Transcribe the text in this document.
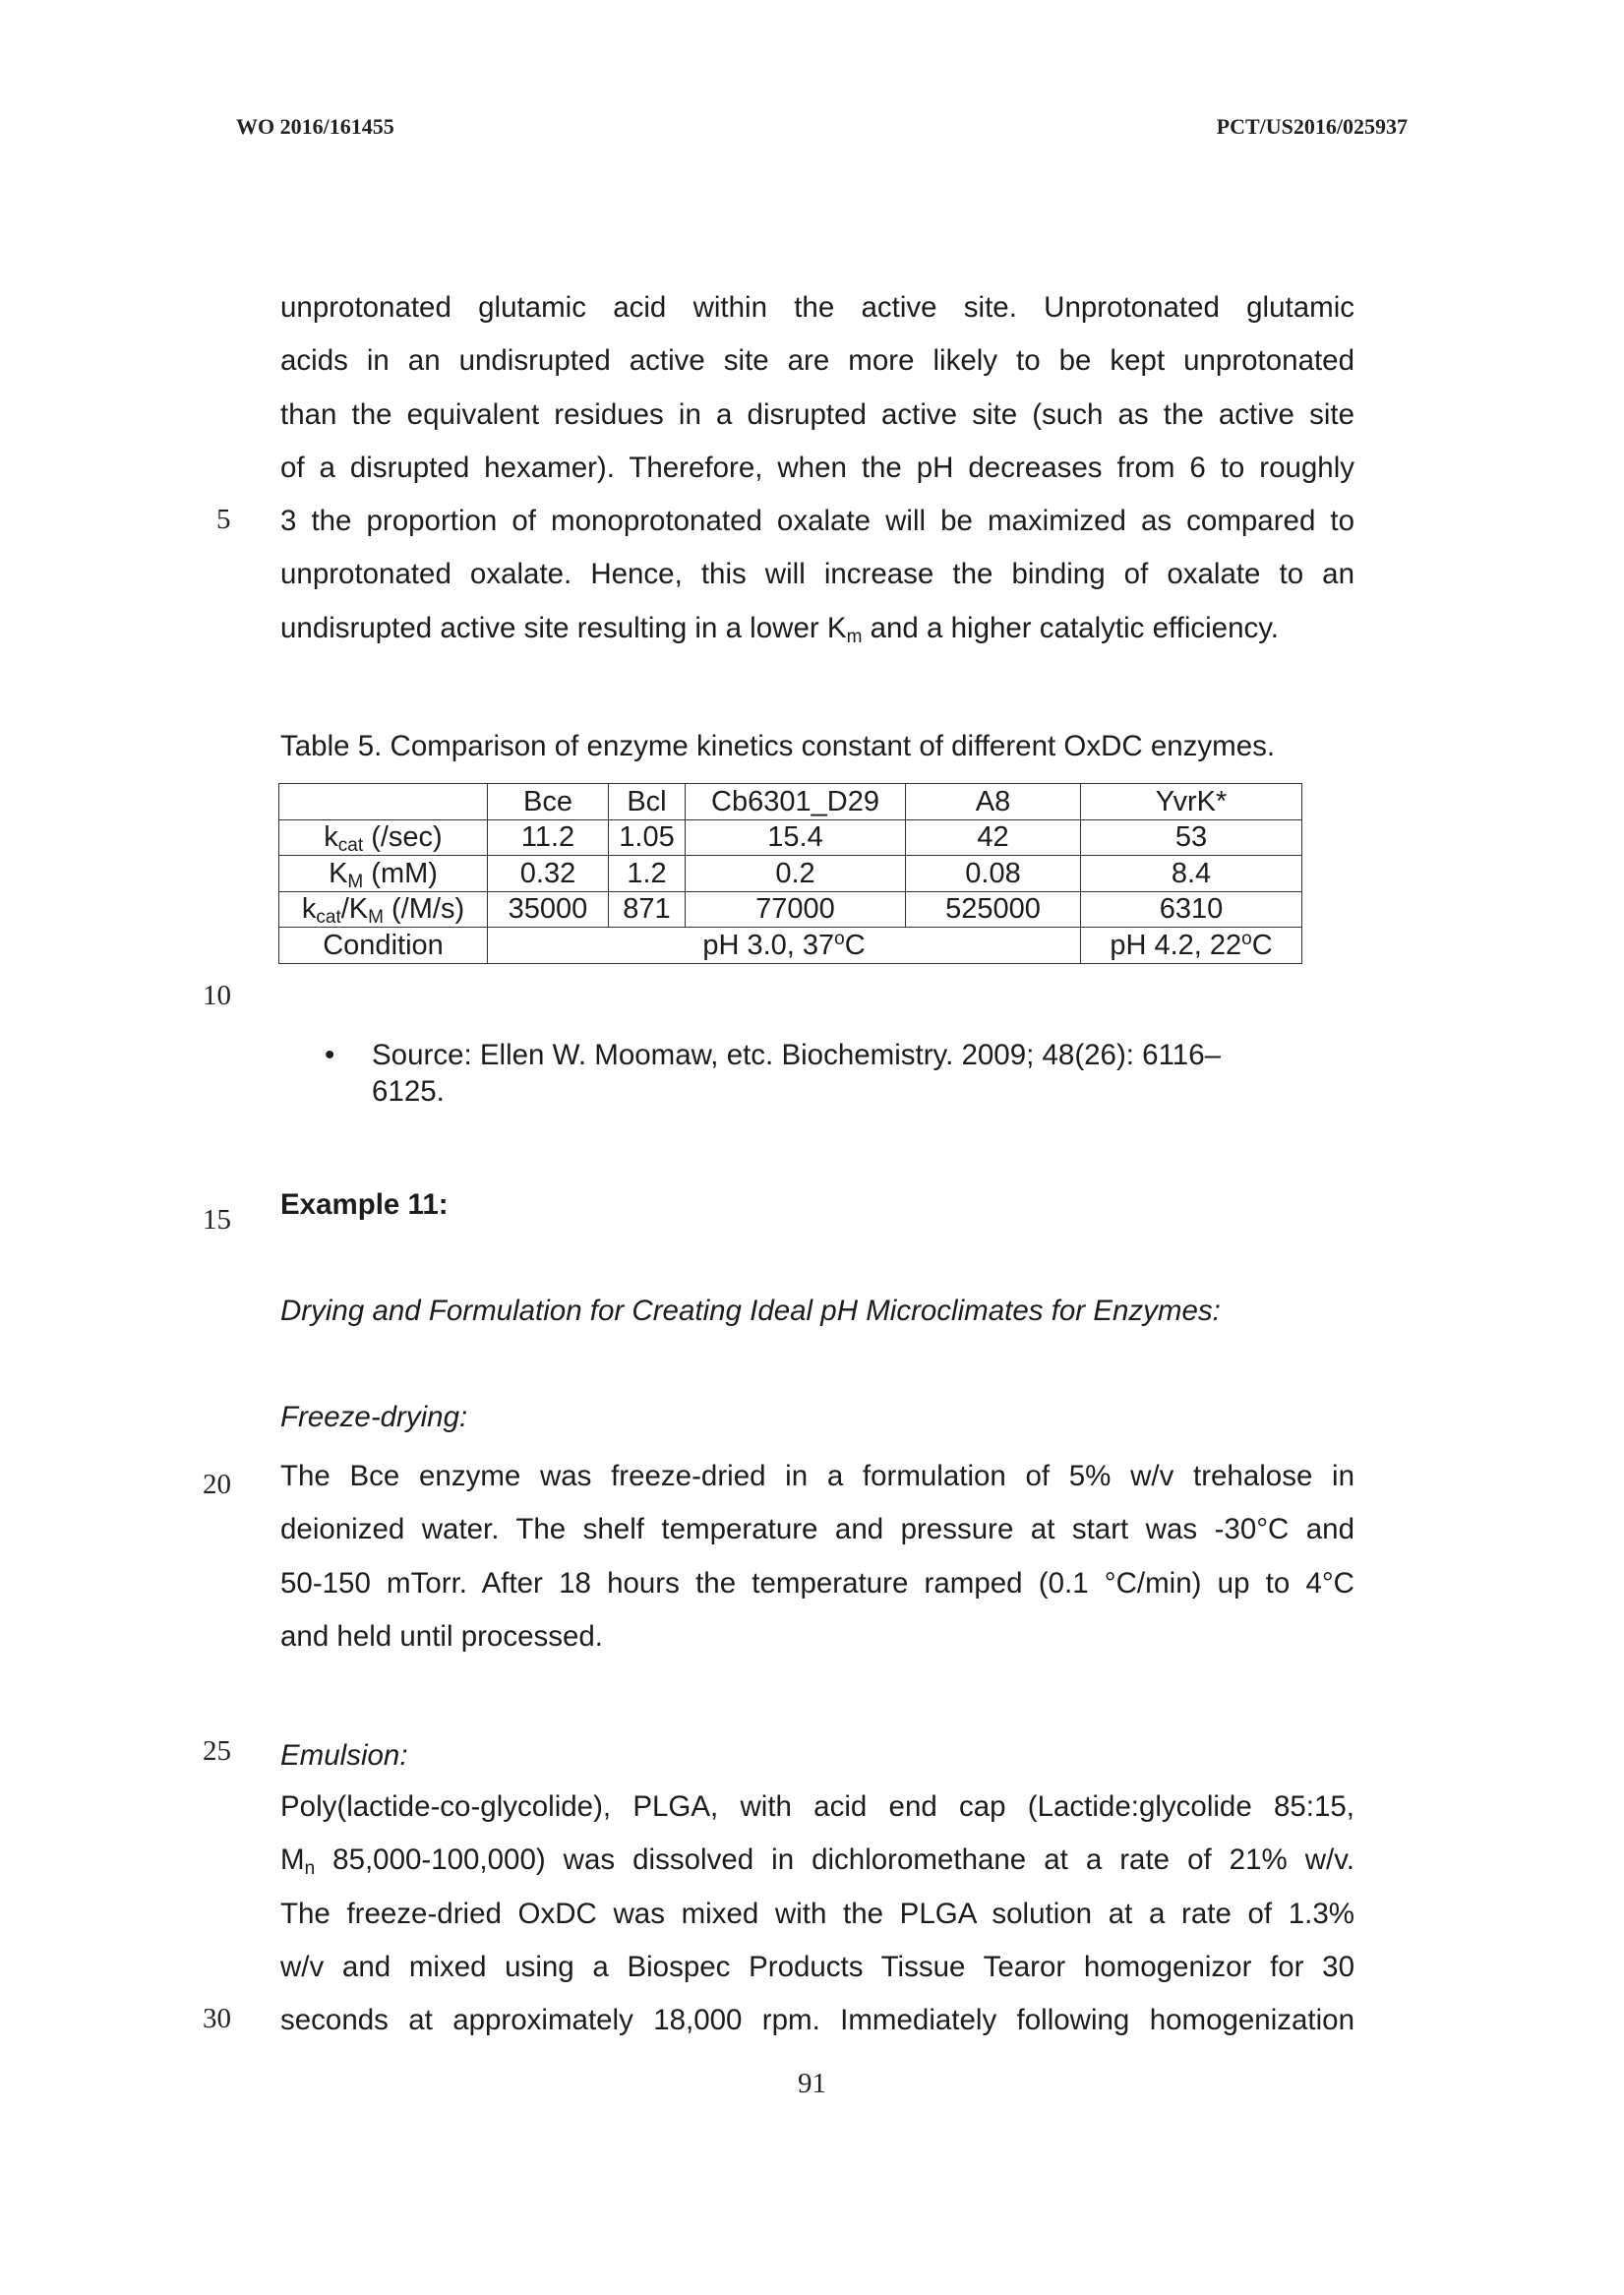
WO 2016/161455	PCT/US2016/025937
unprotonated glutamic acid within the active site. Unprotonated glutamic
acids in an undisrupted active site are more likely to be kept unprotonated
than the equivalent residues in a disrupted active site (such as the active site
of a disrupted hexamer). Therefore, when the pH decreases from 6 to roughly
3 the proportion of monoprotonated oxalate will be maximized as compared to
unprotonated oxalate. Hence, this will increase the binding of oxalate to an
undisrupted active site resulting in a lower $K_m$ and a higher catalytic efficiency.
Table 5. Comparison of enzyme kinetics constant of different OxDC enzymes.
	Bce	Bcl	Cb6301_D29	A8	YvrK*
$k_{cat}$ (/sec)	11.2	1.05	15.4	42	53
$K_M$ (mM)	0.32	1.2	0.2	0.08	8.4
$k_{cat}/K_M$ (/M/s)	35000	871	77000	525000	6310
Condition	pH 3.0, 37$^o$C				pH 4.2, 22$^o$C
• Source: Ellen W. Moomaw, etc. Biochemistry. 2009; 48(26): 6116–
6125.
Example 11:
Drying and Formulation for Creating Ideal pH Microclimates for Enzymes:
Freeze-drying:
The Bce enzyme was freeze-dried in a formulation of 5% w/v trehalose in
deionized water. The shelf temperature and pressure at start was -30°C and
50-150 mTorr. After 18 hours the temperature ramped (0.1 °C/min) up to 4°C
and held until processed.
Emulsion:
Poly(lactide-co-glycolide), PLGA, with acid end cap (Lactide:glycolide 85:15,
$M_n$ 85,000-100,000) was dissolved in dichloromethane at a rate of 21% w/v.
The freeze-dried OxDC was mixed with the PLGA solution at a rate of 1.3%
w/v and mixed using a Biospec Products Tissue Tearor homogenizor for 30
seconds at approximately 18,000 rpm. Immediately following homogenization
5
10
15
20
25
30
91
